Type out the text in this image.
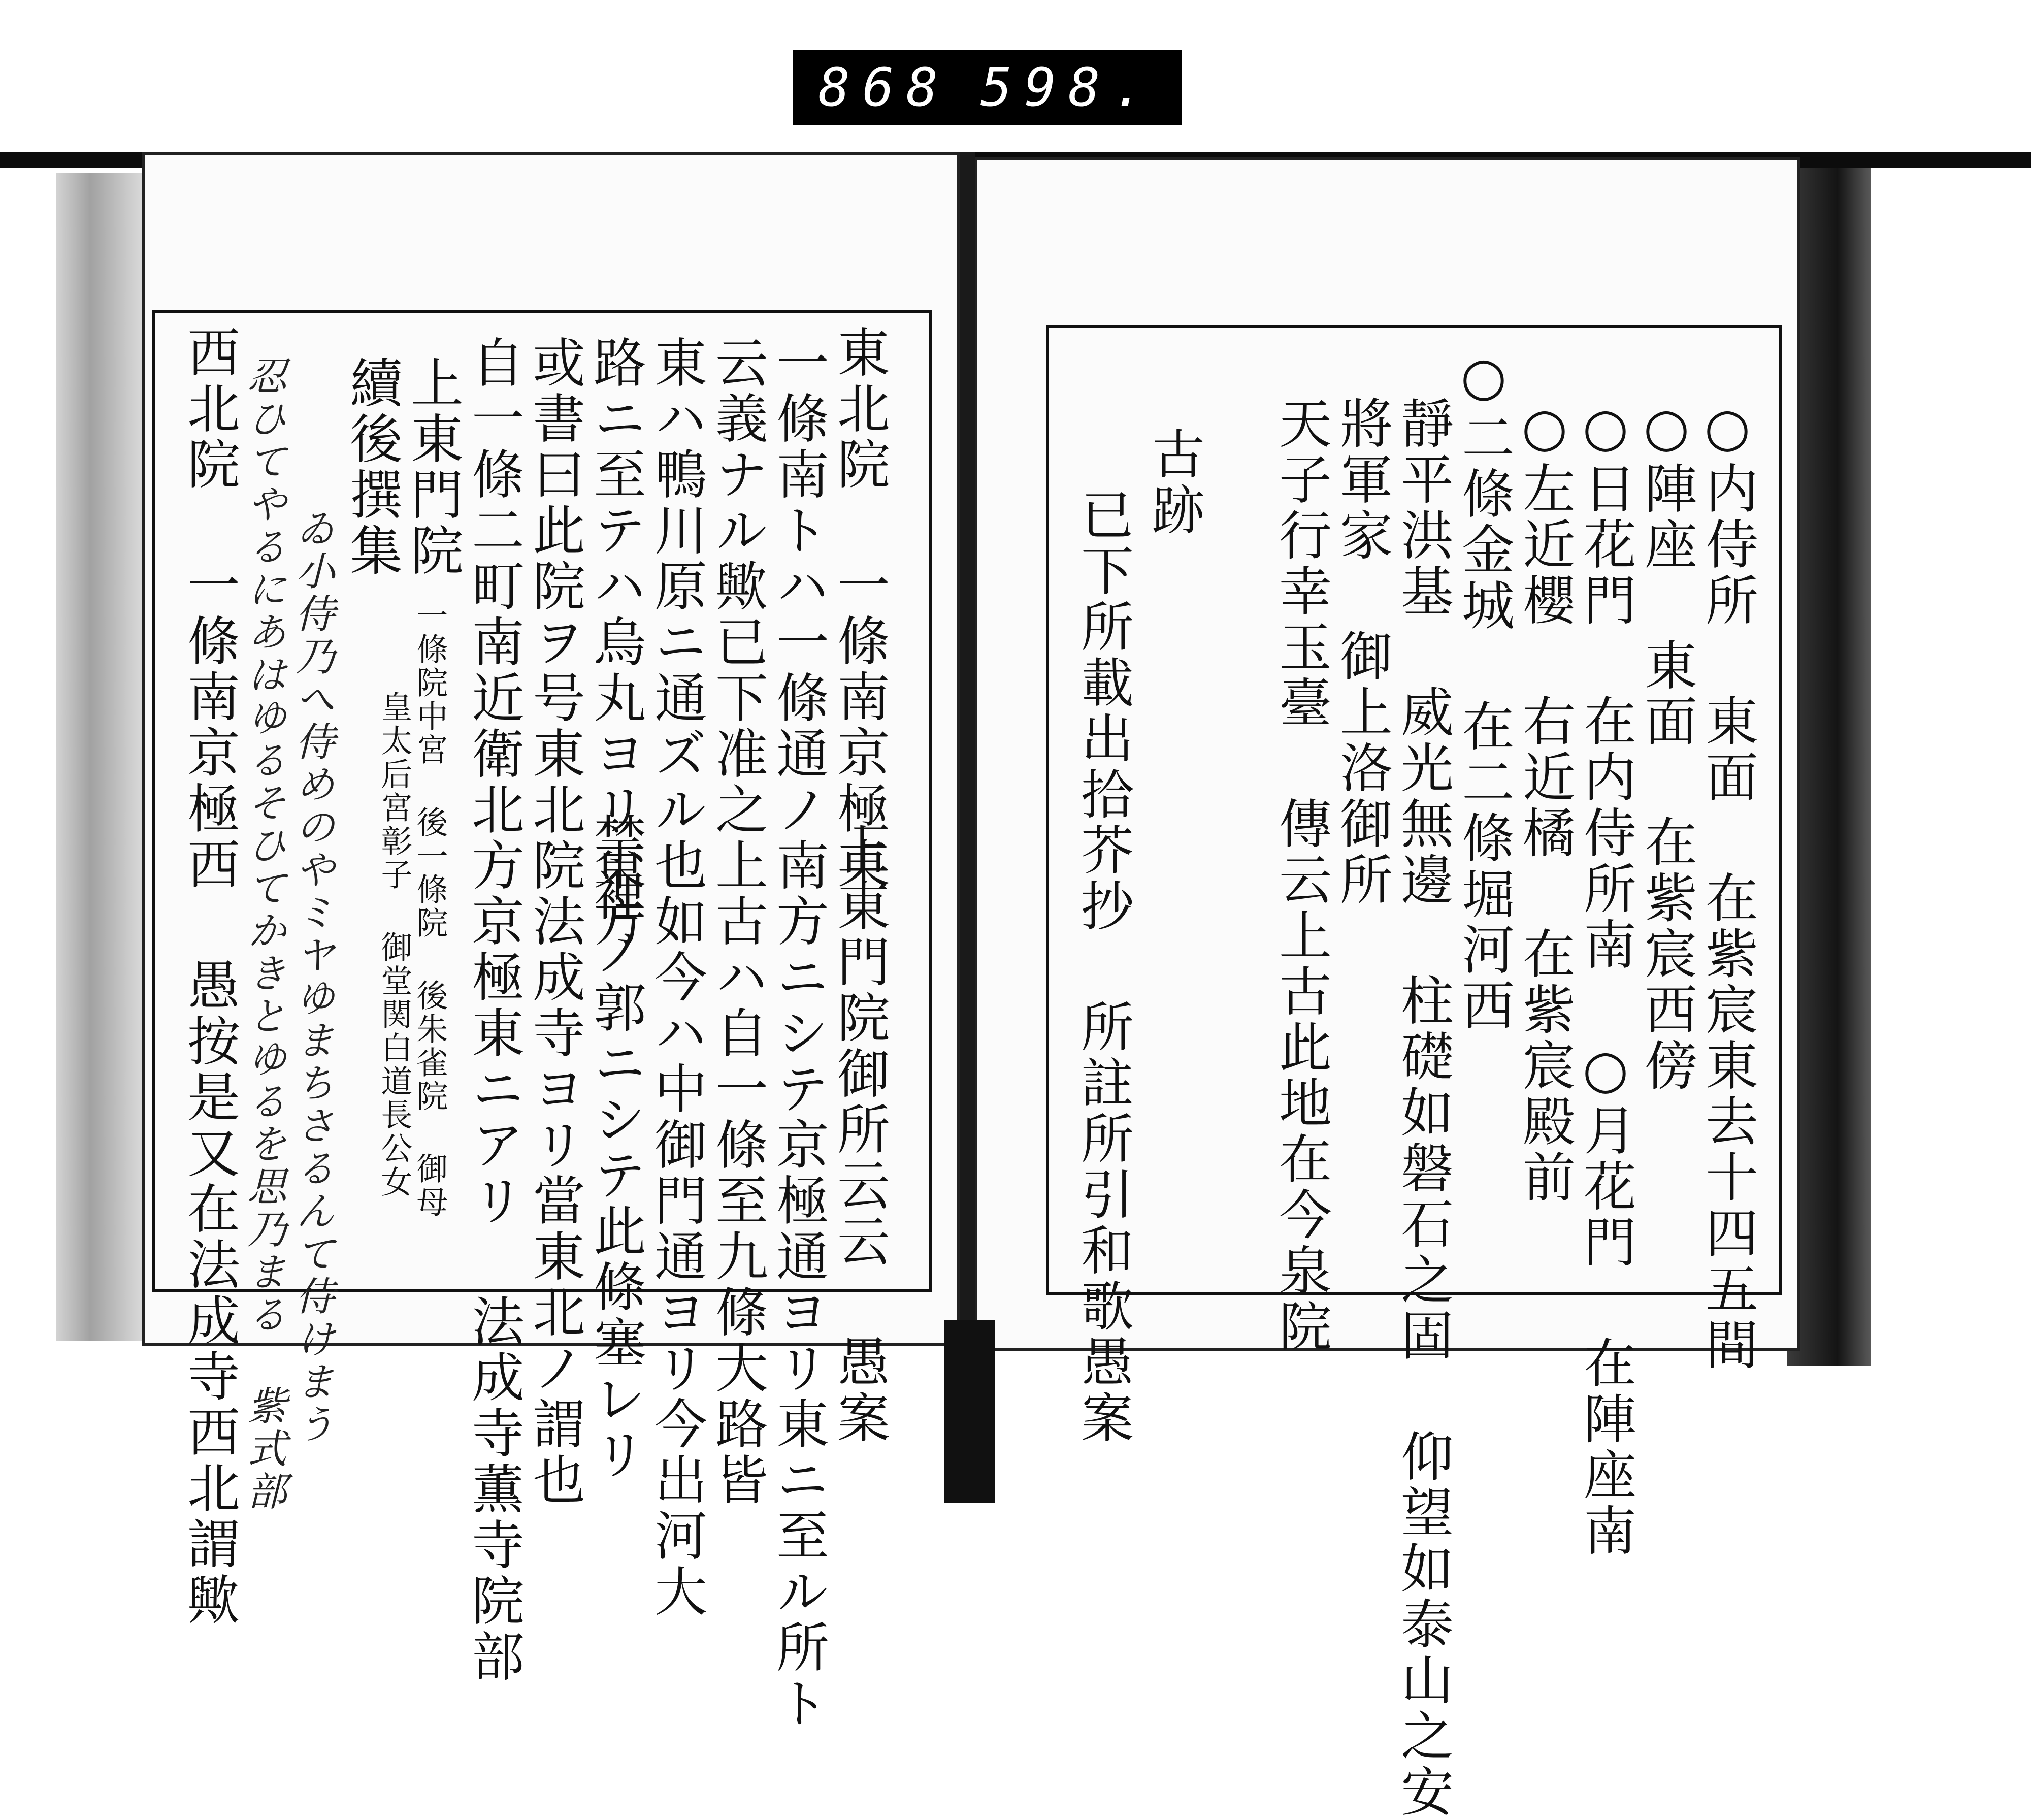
868 598.
東北院 一條南京極東
上東門院御所云云 愚案
一條南トハ一條通ノ南方ニシテ京極通ヨリ東ニ至ル所ト
云義ナル歟已下准之上古ハ自一條至九條大路皆
東ハ鴨川原ニ通ズル也如今ハ中御門通ヨリ今出河大
路ニ至テハ烏丸ヨリ東方
禁裡ノ郭ニシテ此條塞レリ
或書曰此院ヲ号東北院法成寺ヨリ當東北ノ謂也
自一條二町南近衛北方京極東ニアリ 法成寺薫寺院部
上東門院
一條院中宮 後一條院 後朱雀院 御母
皇太后宮彰子 御堂関白道長公女
續後撰集
ゐ小侍乃へ侍めのやミヤゆまちさるんて侍けまう
忍ひてやるにあはゆるそひてかきとゆるを思乃まる 紫式部
西北院 一條南京極西 愚按是又在法成寺西北謂歟	○内侍所 東面 在紫宸東去十四五間
○陣座 東面 在紫宸西傍
○日花門 在内侍所南 ○月花門 在陣座南
○左近櫻 右近橘 在紫宸殿前
○二條金城 在二條堀河西
靜平洪基 威光無邊 柱礎如磐石之固 仰望如泰山之安
將軍家 御上洛御所
天子行幸玉臺 傳云上古此地在今泉院
古跡
已下所載出拾芥抄 所註所引和歌愚案
